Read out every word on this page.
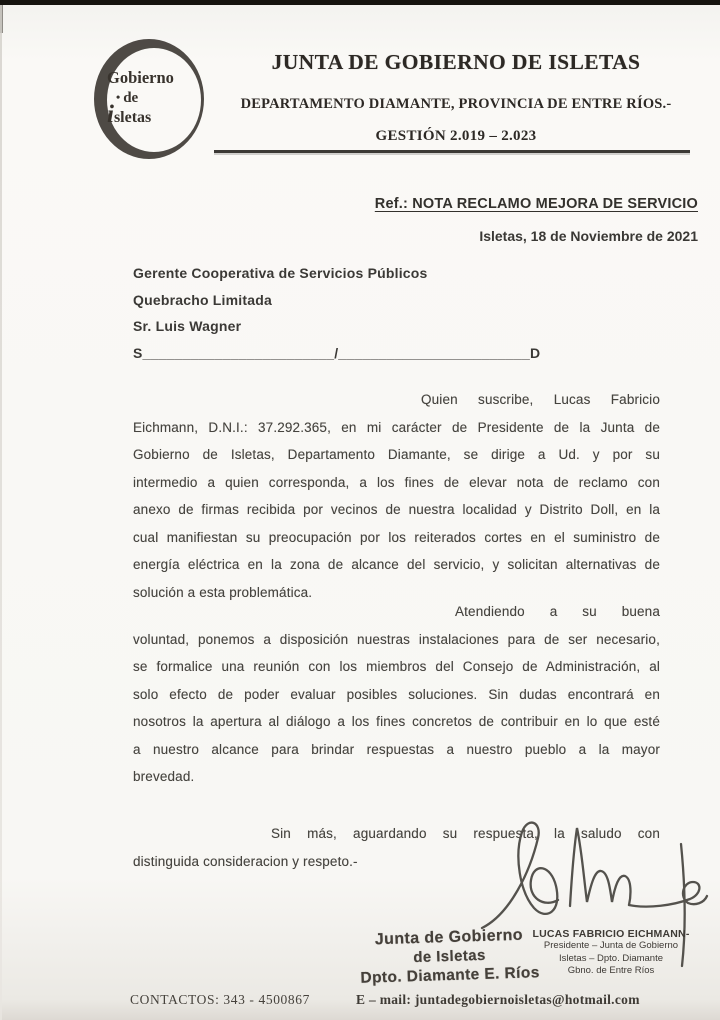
Gobierno
• de
isletas
JUNTA DE GOBIERNO DE ISLETAS
DEPARTAMENTO DIAMANTE, PROVINCIA DE ENTRE RÍOS.-
GESTIÓN 2.019 – 2.023
Ref.: NOTA RECLAMO MEJORA DE SERVICIO
Isletas, 18 de Noviembre de 2021
Gerente Cooperativa de Servicios Públicos
Quebracho Limitada
Sr. Luis Wagner
S________________________/________________________D
Quien suscribe, Lucas Fabricio
Eichmann, D.N.I.: 37.292.365, en mi carácter de Presidente de la Junta de
Gobierno de Isletas, Departamento Diamante, se dirige a Ud. y por su
intermedio a quien corresponda, a los fines de elevar nota de reclamo con
anexo de firmas recibida por vecinos de nuestra localidad y Distrito Doll, en la
cual manifiestan su preocupación por los reiterados cortes en el suministro de
energía eléctrica en la zona de alcance del servicio, y solicitan alternativas de
solución a esta problemática.
Atendiendo a su buena
voluntad, ponemos a disposición nuestras instalaciones para de ser necesario,
se formalice una reunión con los miembros del Consejo de Administración, al
solo efecto de poder evaluar posibles soluciones. Sin dudas encontrará en
nosotros la apertura al diálogo a los fines concretos de contribuir en lo que esté
a nuestro alcance para brindar respuestas a nuestro pueblo a la mayor
brevedad.
Sin más, aguardando su respuesta, la saludo con
distinguida consideracion y respeto.-
Junta de Gobierno
de Isletas
Dpto. Diamante E. Ríos
LUCAS FABRICIO EICHMANN-
Presidente – Junta de Gobierno
Isletas – Dpto. Diamante
Gbno. de Entre Ríos
CONTACTOS: 343 - 4500867	E – mail: juntadegobiernoisletas@hotmail.com
